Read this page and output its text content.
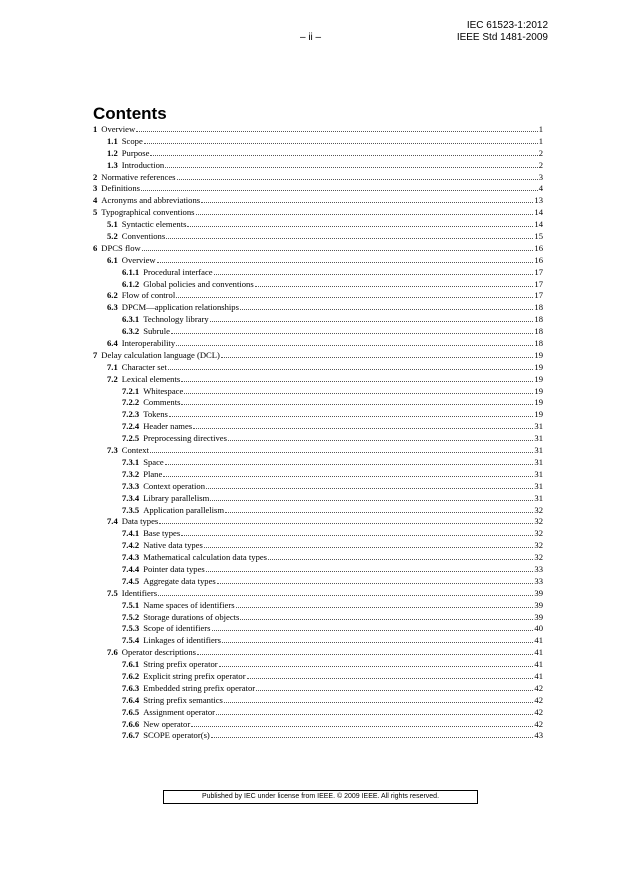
IEC 61523-1:2012
IEEE Std 1481-2009
– ii –
Contents
1 Overview	1
1.1 Scope	1
1.2 Purpose	2
1.3 Introduction	2
2 Normative references	3
3 Definitions	4
4 Acronyms and abbreviations	13
5 Typographical conventions	14
5.1 Syntactic elements	14
5.2 Conventions	15
6 DPCS flow	16
6.1 Overview	16
6.1.1 Procedural interface	17
6.1.2 Global policies and conventions	17
6.2 Flow of control	17
6.3 DPCM—application relationships	18
6.3.1 Technology library	18
6.3.2 Subrule	18
6.4 Interoperability	18
7 Delay calculation language (DCL)	19
7.1 Character set	19
7.2 Lexical elements	19
7.2.1 Whitespace	19
7.2.2 Comments	19
7.2.3 Tokens	19
7.2.4 Header names	31
7.2.5 Preprocessing directives	31
7.3 Context	31
7.3.1 Space	31
7.3.2 Plane	31
7.3.3 Context operation	31
7.3.4 Library parallelism	31
7.3.5 Application parallelism	32
7.4 Data types	32
7.4.1 Base types	32
7.4.2 Native data types	32
7.4.3 Mathematical calculation data types	32
7.4.4 Pointer data types	33
7.4.5 Aggregate data types	33
7.5 Identifiers	39
7.5.1 Name spaces of identifiers	39
7.5.2 Storage durations of objects	39
7.5.3 Scope of identifiers	40
7.5.4 Linkages of identifiers	41
7.6 Operator descriptions	41
7.6.1 String prefix operator	41
7.6.2 Explicit string prefix operator	41
7.6.3 Embedded string prefix operator	42
7.6.4 String prefix semantics	42
7.6.5 Assignment operator	42
7.6.6 New operator	42
7.6.7 SCOPE operator(s)	43
Published by IEC under license from IEEE. © 2009 IEEE. All rights reserved.
